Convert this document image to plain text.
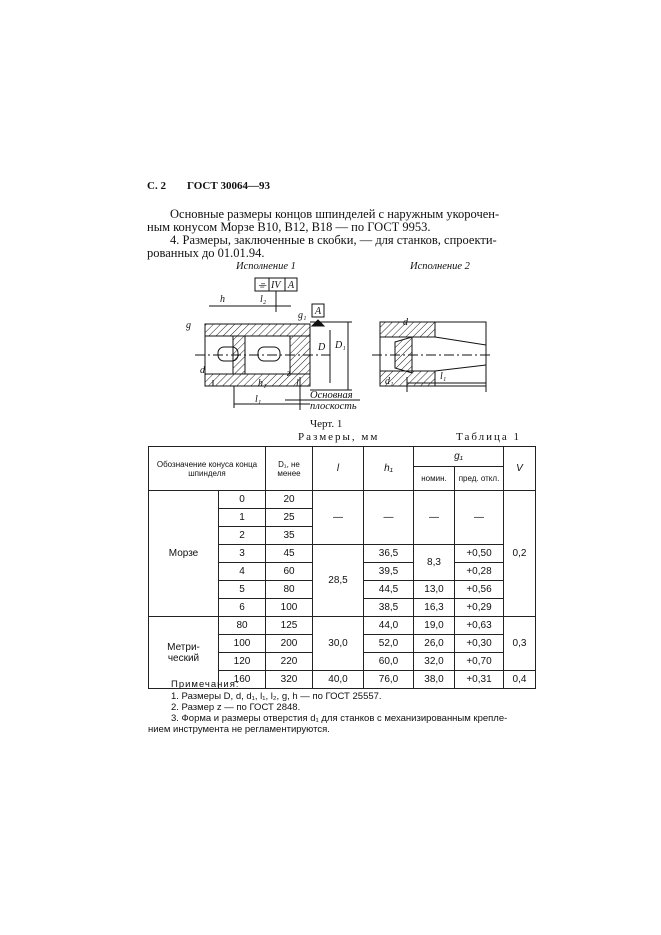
С. 2 ГОСТ 30064—93
Основные размеры концов шпинделей с наружным укорочен-
ным конусом Морзе B10, B12, B18 — по ГОСТ 9953.
4. Размеры, заключенные в скобки, — для станков, спроекти-
рованных до 01.01.94.
Исполнение 1	Исполнение 2
⌯ IV A
A
h	l₂
g₁
g
d
D D₁
z
h₁	l
l₁
d
d₁	l₁
Основная плоскость
Черт. 1
Размеры, мм	Таблица 1
Обозначение конуса конца шпинделя		D₁, не менее	l	h₁	g₁		V
					номин.	пред. откл.	
Морзе	0	20	—	—	—	—	0,2
	1	25					
	2	35					
	3	45	28,5	36,5	8,3	+0,50	
	4	60		39,5		+0,28	
	5	80		44,5	13,0	+0,56	
	6	100		38,5	16,3	+0,29	
Метри-ческий	80	125	30,0	44,0	19,0	+0,63	0,3
	100	200		52,0	26,0	+0,30	
	120	220		60,0	32,0	+0,70	
	160	320	40,0	76,0	38,0	+0,31	0,4
Примечания:
1. Размеры D, d, d₁, l₁, l₂, g, h — по ГОСТ 25557.
2. Размер z — по ГОСТ 2848.
3. Форма и размеры отверстия d₁ для станков с механизированным крепле-
нием инструмента не регламентируются.
